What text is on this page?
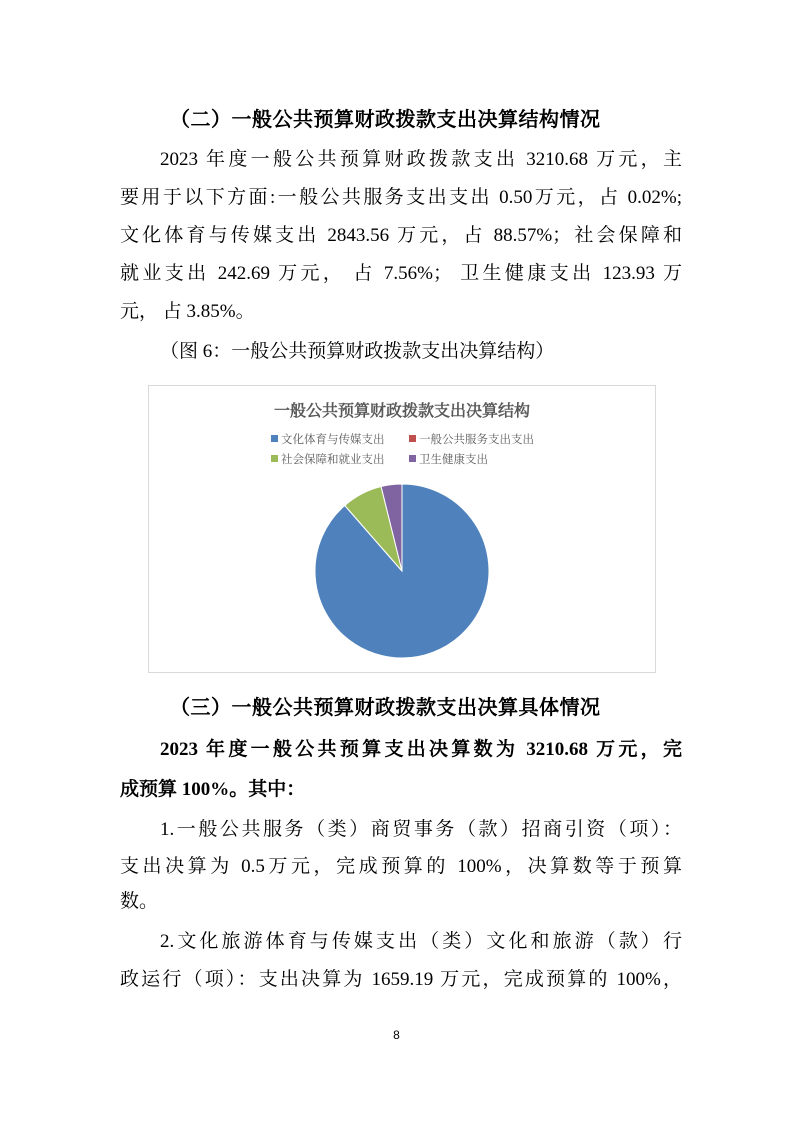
（二）一般公共预算财政拨款支出决算结构情况
2023 年度一般公共预算财政拨款支出 3210.68 万元，主
要用于以下方面:一般公共服务支出支出 0.50万元，占 0.02%;
文化体育与传媒支出 2843.56 万元，占 88.57%；社会保障和
就业支出 242.69 万元， 占 7.56%； 卫生健康支出 123.93 万
元， 占 3.85%。
（图 6：一般公共预算财政拨款支出决算结构）
一般公共预算财政拨款支出决算结构
文化体育与传媒支出	一般公共服务支出支出
社会保障和就业支出	卫生健康支出
（三）一般公共预算财政拨款支出决算具体情况
2023 年度一般公共预算支出决算数为 3210.68 万元，完
成预算 100%。其中：
1.一般公共服务（类）商贸事务（款）招商引资（项）：
支出决算为 0.5万元，完成预算的 100%，决算数等于预算
数。
2.文化旅游体育与传媒支出（类）文化和旅游（款）行
政运行（项）：支出决算为 1659.19 万元，完成预算的 100%，
8
